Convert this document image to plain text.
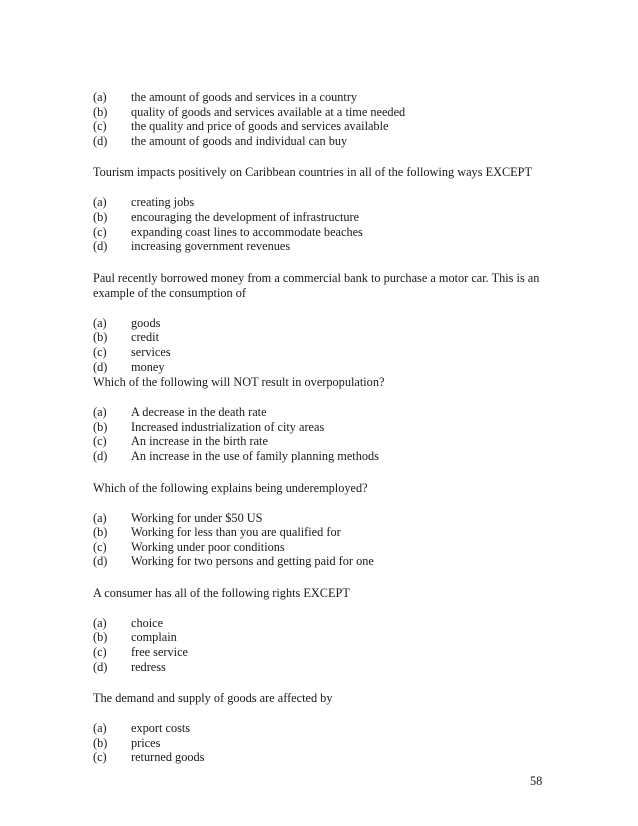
(a)	the amount of goods and services in a country
(b)	quality of goods and services available at a time needed
(c)	the quality and price of goods and services available
(d)	the amount of goods and individual can buy
Tourism impacts positively on Caribbean countries in all of the following ways EXCEPT
(a)	creating jobs
(b)	encouraging the development of infrastructure
(c)	expanding coast lines to accommodate beaches
(d)	increasing government revenues
Paul recently borrowed money from a commercial bank to purchase a motor car. This is an example of the consumption of
(a)	goods
(b)	credit
(c)	services
(d)	money
Which of the following will NOT result in overpopulation?
(a)	A decrease in the death rate
(b)	Increased industrialization of city areas
(c)	An increase in the birth rate
(d)	An increase in the use of family planning methods
Which of the following explains being underemployed?
(a)	Working for under $50 US
(b)	Working for less than you are qualified for
(c)	Working under poor conditions
(d)	Working for two persons and getting paid for one
A consumer has all of the following rights EXCEPT
(a)	choice
(b)	complain
(c)	free service
(d)	redress
The demand and supply of goods are affected by
(a)	export costs
(b)	prices
(c)	returned goods
58
